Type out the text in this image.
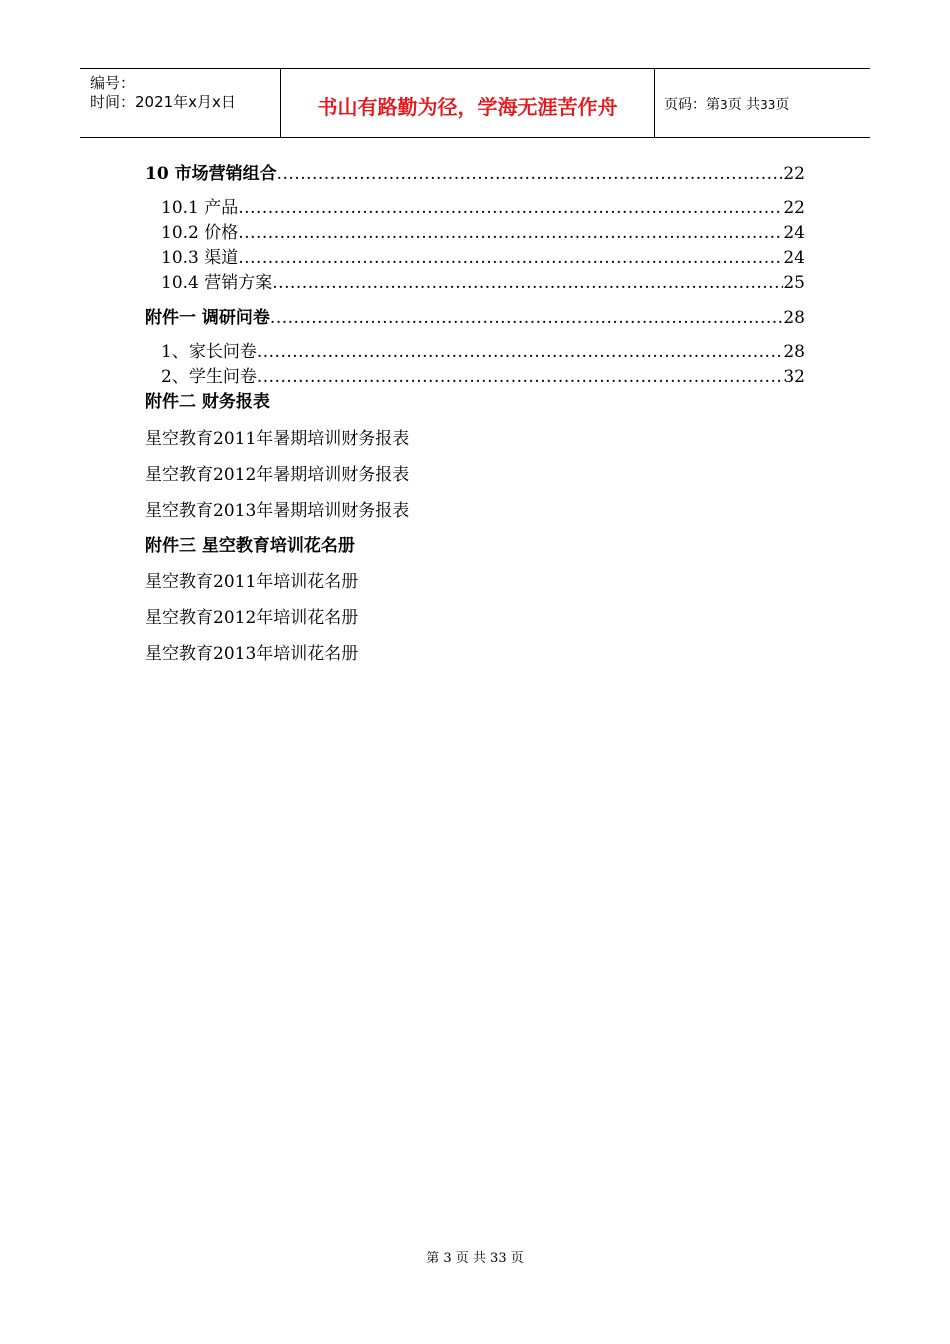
编号：
时间：2021年x月x日	书山有路勤为径，学海无涯苦作舟	页码：第3页 共33页
10 市场营销组合 .....	22
10.1 产品 .....	22
10.2 价格 .....	24
10.3 渠道 .....	24
10.4 营销方案 .....	25
附件一 调研问卷 .....	28
1、家长问卷 .....	28
2、学生问卷 .....	32
附件二 财务报表
星空教育2011年暑期培训财务报表
星空教育2012年暑期培训财务报表
星空教育2013年暑期培训财务报表
附件三 星空教育培训花名册
星空教育2011年培训花名册
星空教育2012年培训花名册
星空教育2013年培训花名册
第 3 页 共 33 页
